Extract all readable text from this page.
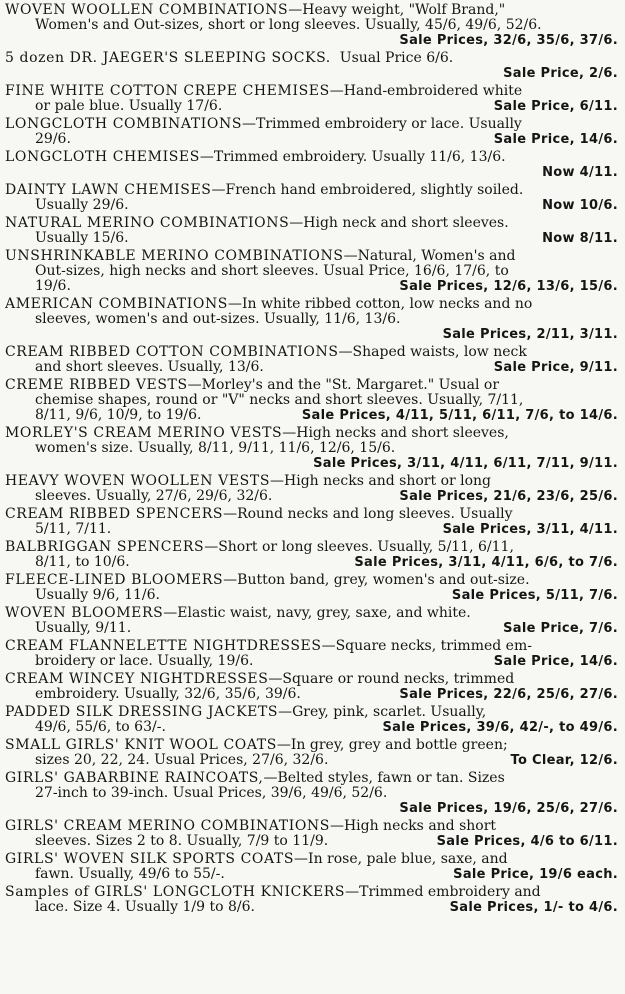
WOVEN WOOLLEN COMBINATIONS—Heavy weight, "Wolf Brand,"
Women's and Out-sizes, short or long sleeves. Usually, 45/6, 49/6, 52/6.
Sale Prices, 32/6, 35/6, 37/6.
5 dozen DR. JAEGER'S SLEEPING SOCKS. Usual Price 6/6.
Sale Price, 2/6.
FINE WHITE COTTON CREPE CHEMISES—Hand-embroidered white
or pale blue. Usually 17/6.	Sale Price, 6/11.
LONGCLOTH COMBINATIONS—Trimmed embroidery or lace. Usually
29/6.	Sale Price, 14/6.
LONGCLOTH CHEMISES—Trimmed embroidery. Usually 11/6, 13/6.
Now 4/11.
DAINTY LAWN CHEMISES—French hand embroidered, slightly soiled.
Usually 29/6.	Now 10/6.
NATURAL MERINO COMBINATIONS—High neck and short sleeves.
Usually 15/6.	Now 8/11.
UNSHRINKABLE MERINO COMBINATIONS—Natural, Women's and
Out-sizes, high necks and short sleeves. Usual Price, 16/6, 17/6, to
19/6.	Sale Prices, 12/6, 13/6, 15/6.
AMERICAN COMBINATIONS—In white ribbed cotton, low necks and no
sleeves, women's and out-sizes. Usually, 11/6, 13/6.
Sale Prices, 2/11, 3/11.
CREAM RIBBED COTTON COMBINATIONS—Shaped waists, low neck
and short sleeves. Usually, 13/6.	Sale Price, 9/11.
CREME RIBBED VESTS—Morley's and the "St. Margaret." Usual or
chemise shapes, round or "V" necks and short sleeves. Usually, 7/11,
8/11, 9/6, 10/9, to 19/6.	Sale Prices, 4/11, 5/11, 6/11, 7/6, to 14/6.
MORLEY'S CREAM MERINO VESTS—High necks and short sleeves,
women's size. Usually, 8/11, 9/11, 11/6, 12/6, 15/6.
Sale Prices, 3/11, 4/11, 6/11, 7/11, 9/11.
HEAVY WOVEN WOOLLEN VESTS—High necks and short or long
sleeves. Usually, 27/6, 29/6, 32/6.	Sale Prices, 21/6, 23/6, 25/6.
CREAM RIBBED SPENCERS—Round necks and long sleeves. Usually
5/11, 7/11.	Sale Prices, 3/11, 4/11.
BALBRIGGAN SPENCERS—Short or long sleeves. Usually, 5/11, 6/11,
8/11, to 10/6.	Sale Prices, 3/11, 4/11, 6/6, to 7/6.
FLEECE-LINED BLOOMERS—Button band, grey, women's and out-size.
Usually 9/6, 11/6.	Sale Prices, 5/11, 7/6.
WOVEN BLOOMERS—Elastic waist, navy, grey, saxe, and white.
Usually, 9/11.	Sale Price, 7/6.
CREAM FLANNELETTE NIGHTDRESSES—Square necks, trimmed em-
broidery or lace. Usually, 19/6.	Sale Price, 14/6.
CREAM WINCEY NIGHTDRESSES—Square or round necks, trimmed
embroidery. Usually, 32/6, 35/6, 39/6.	Sale Prices, 22/6, 25/6, 27/6.
PADDED SILK DRESSING JACKETS—Grey, pink, scarlet. Usually,
49/6, 55/6, to 63/-.	Sale Prices, 39/6, 42/-, to 49/6.
SMALL GIRLS' KNIT WOOL COATS—In grey, grey and bottle green;
sizes 20, 22, 24. Usual Prices, 27/6, 32/6.	To Clear, 12/6.
GIRLS' GABARBINE RAINCOATS,—Belted styles, fawn or tan. Sizes
27-inch to 39-inch. Usual Prices, 39/6, 49/6, 52/6.
Sale Prices, 19/6, 25/6, 27/6.
GIRLS' CREAM MERINO COMBINATIONS—High necks and short
sleeves. Sizes 2 to 8. Usually, 7/9 to 11/9.	Sale Prices, 4/6 to 6/11.
GIRLS' WOVEN SILK SPORTS COATS—In rose, pale blue, saxe, and
fawn. Usually, 49/6 to 55/-.	Sale Price, 19/6 each.
Samples of GIRLS' LONGCLOTH KNICKERS—Trimmed embroidery and
lace. Size 4. Usually 1/9 to 8/6.	Sale Prices, 1/- to 4/6.
